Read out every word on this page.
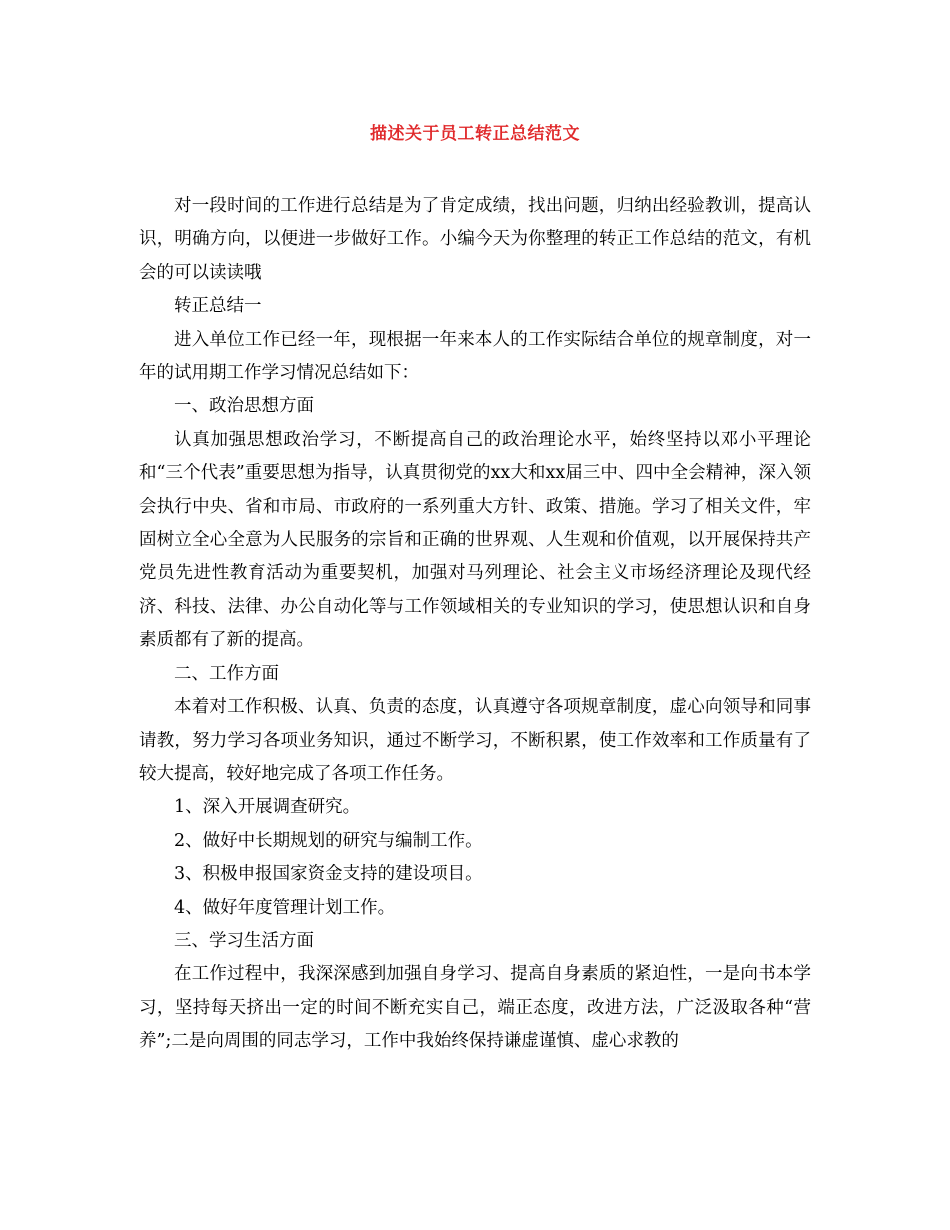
描述关于员工转正总结范文

对一段时间的工作进行总结是为了肯定成绩，找出问题，归纳出经验教训，提高认识，明确方向，以便进一步做好工作。小编今天为你整理的转正工作总结的范文，有机会的可以读读哦

转正总结一

进入单位工作已经一年，现根据一年来本人的工作实际结合单位的规章制度，对一年的试用期工作学习情况总结如下：

一、政治思想方面

认真加强思想政治学习，不断提高自己的政治理论水平，始终坚持以邓小平理论和“三个代表”重要思想为指导，认真贯彻党的xx大和xx届三中、四中全会精神，深入领会执行中央、省和市局、市政府的一系列重大方针、政策、措施。学习了相关文件，牢固树立全心全意为人民服务的宗旨和正确的世界观、人生观和价值观，以开展保持共产党员先进性教育活动为重要契机，加强对马列理论、社会主义市场经济理论及现代经济、科技、法律、办公自动化等与工作领域相关的专业知识的学习，使思想认识和自身素质都有了新的提高。

二、工作方面

本着对工作积极、认真、负责的态度，认真遵守各项规章制度，虚心向领导和同事请教，努力学习各项业务知识，通过不断学习，不断积累，使工作效率和工作质量有了较大提高，较好地完成了各项工作任务。

1、深入开展调查研究。

2、做好中长期规划的研究与编制工作。

3、积极申报国家资金支持的建设项目。

4、做好年度管理计划工作。

三、学习生活方面

在工作过程中，我深深感到加强自身学习、提高自身素质的紧迫性，一是向书本学习，坚持每天挤出一定的时间不断充实自己，端正态度，改进方法，广泛汲取各种“营养”;二是向周围的同志学习，工作中我始终保持谦虚谨慎、虚心求教的
